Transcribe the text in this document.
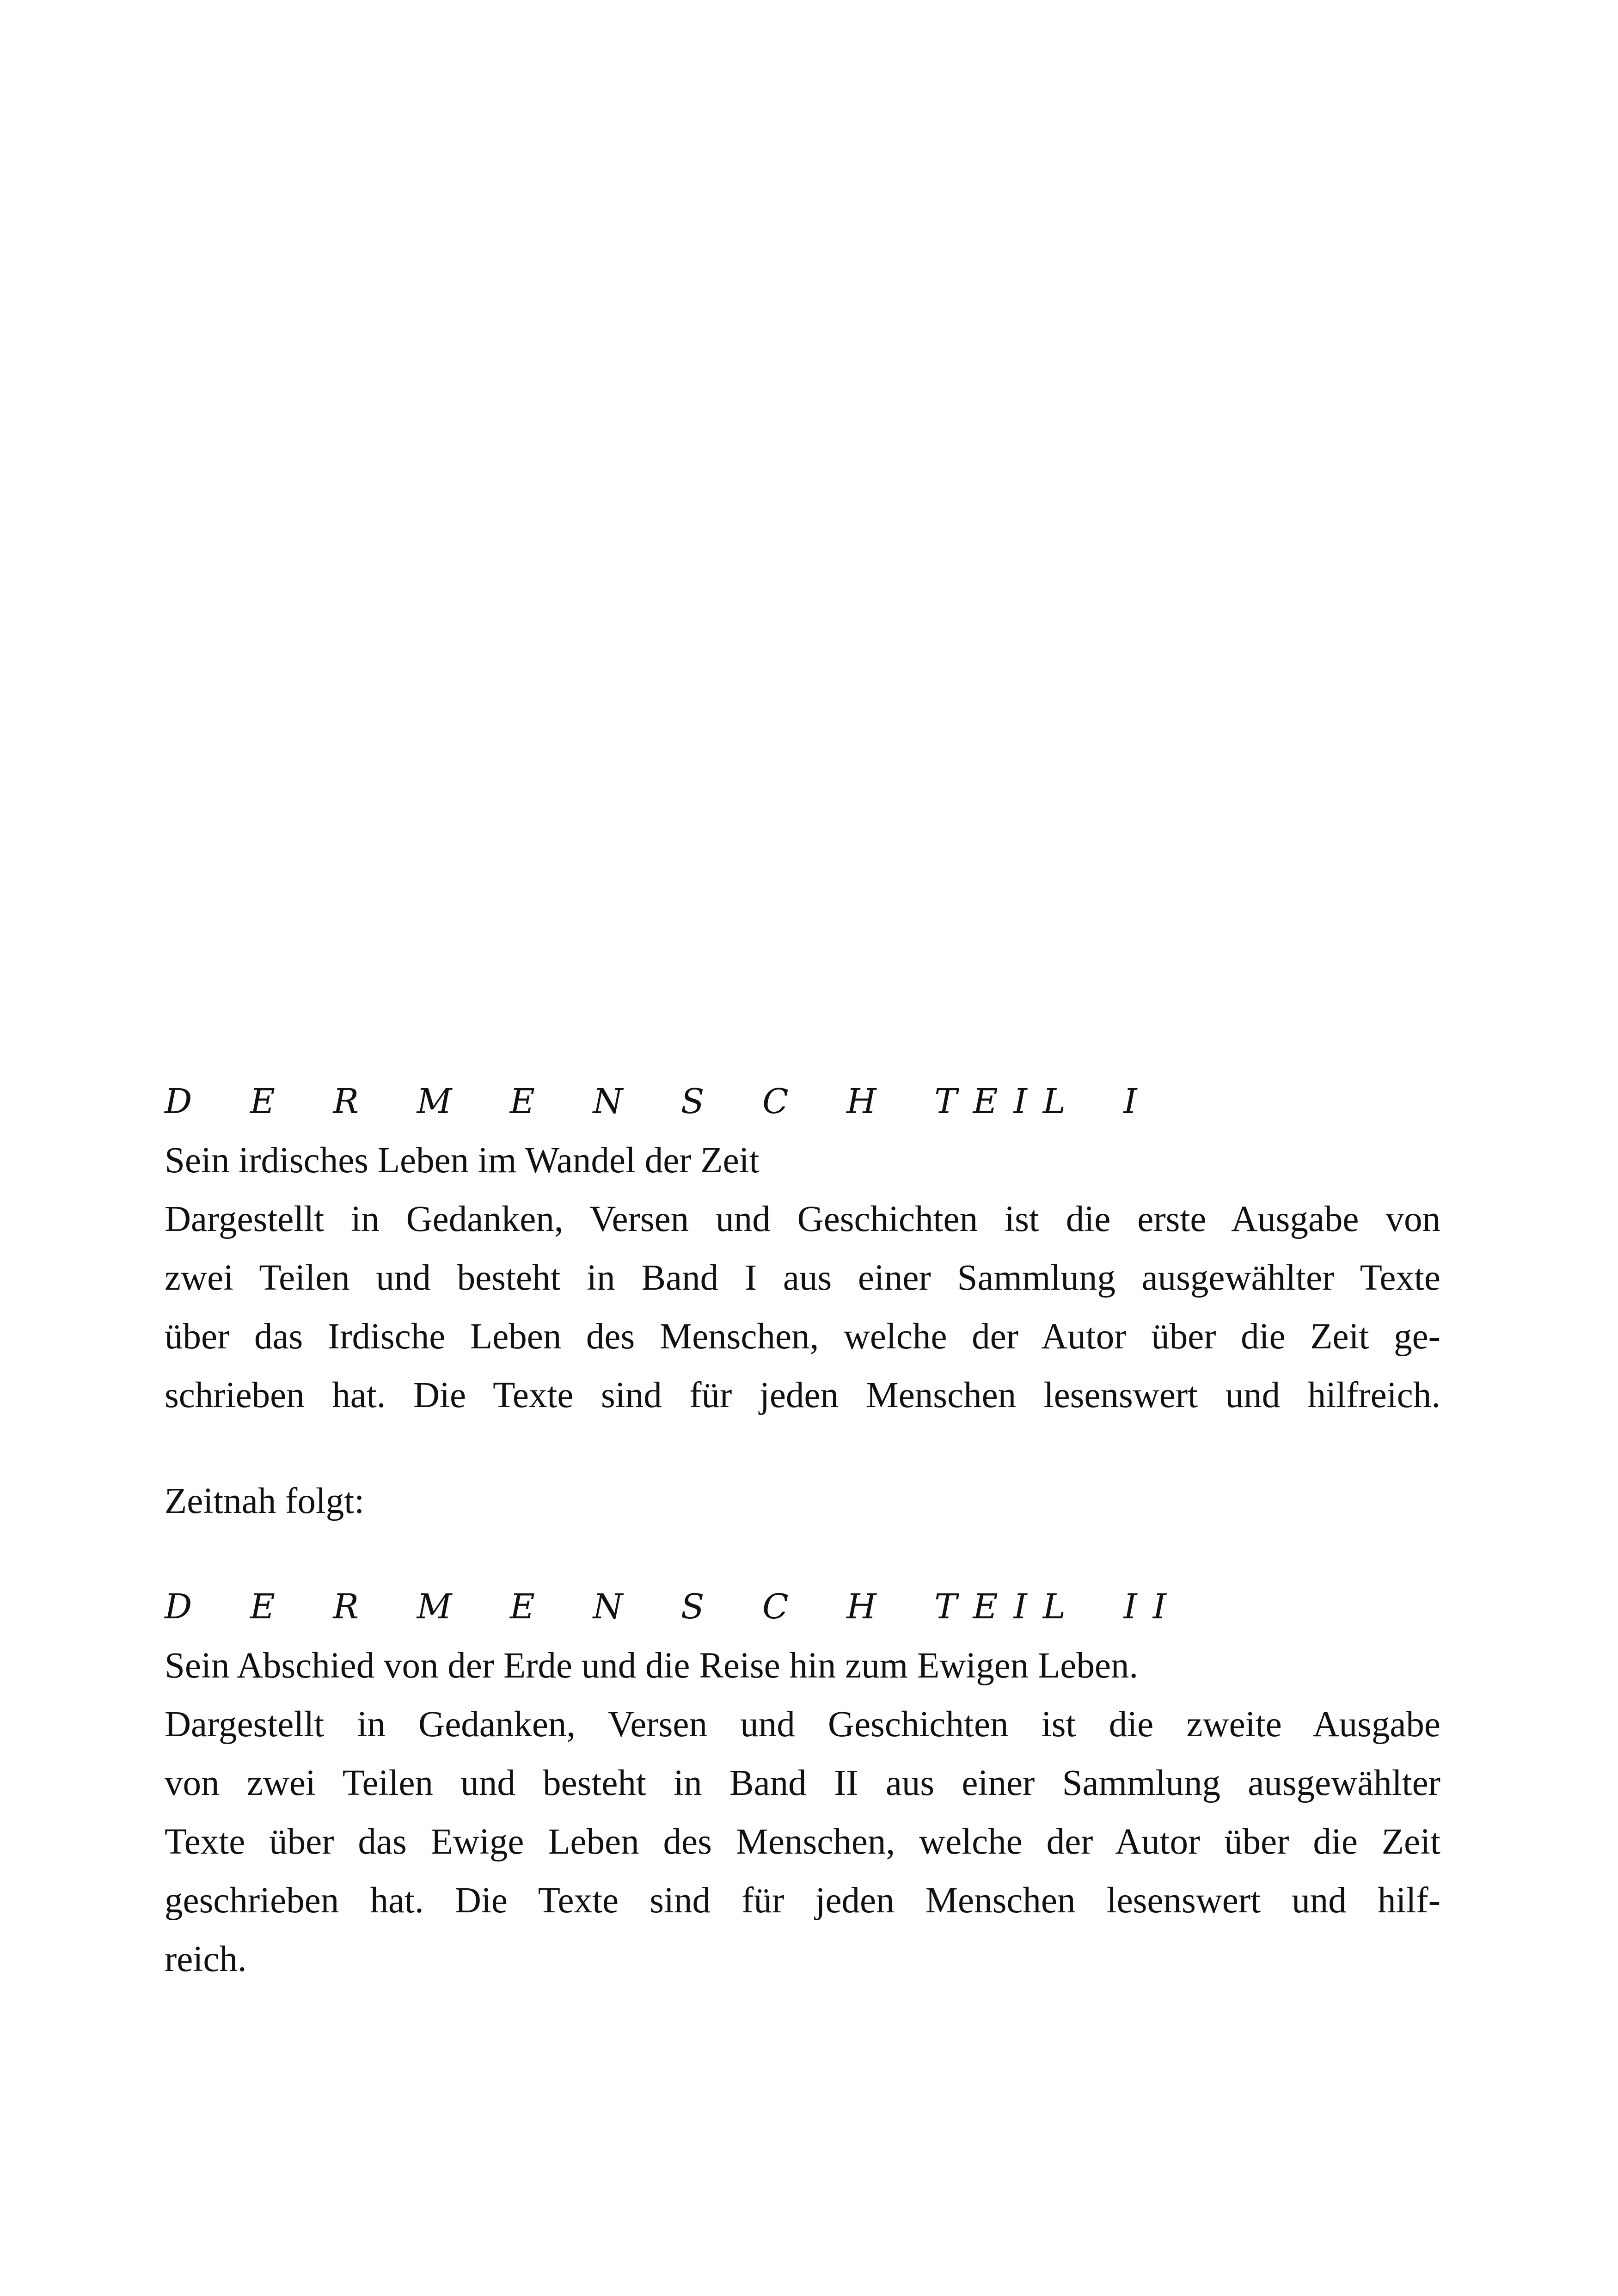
D E R M E N S C H TEIL I
Sein irdisches Leben im Wandel der Zeit
Dargestellt in Gedanken, Versen und Geschichten ist die erste Ausgabe von
zwei Teilen und besteht in Band I aus einer Sammlung ausgewählter Texte
über das Irdische Leben des Menschen, welche der Autor über die Zeit ge-
schrieben hat. Die Texte sind für jeden Menschen lesenswert und hilfreich.
Zeitnah folgt:
D E R M E N S C H TEIL II
Sein Abschied von der Erde und die Reise hin zum Ewigen Leben.
Dargestellt in Gedanken, Versen und Geschichten ist die zweite Ausgabe
von zwei Teilen und besteht in Band II aus einer Sammlung ausgewählter
Texte über das Ewige Leben des Menschen, welche der Autor über die Zeit
geschrieben hat. Die Texte sind für jeden Menschen lesenswert und hilf-
reich.
